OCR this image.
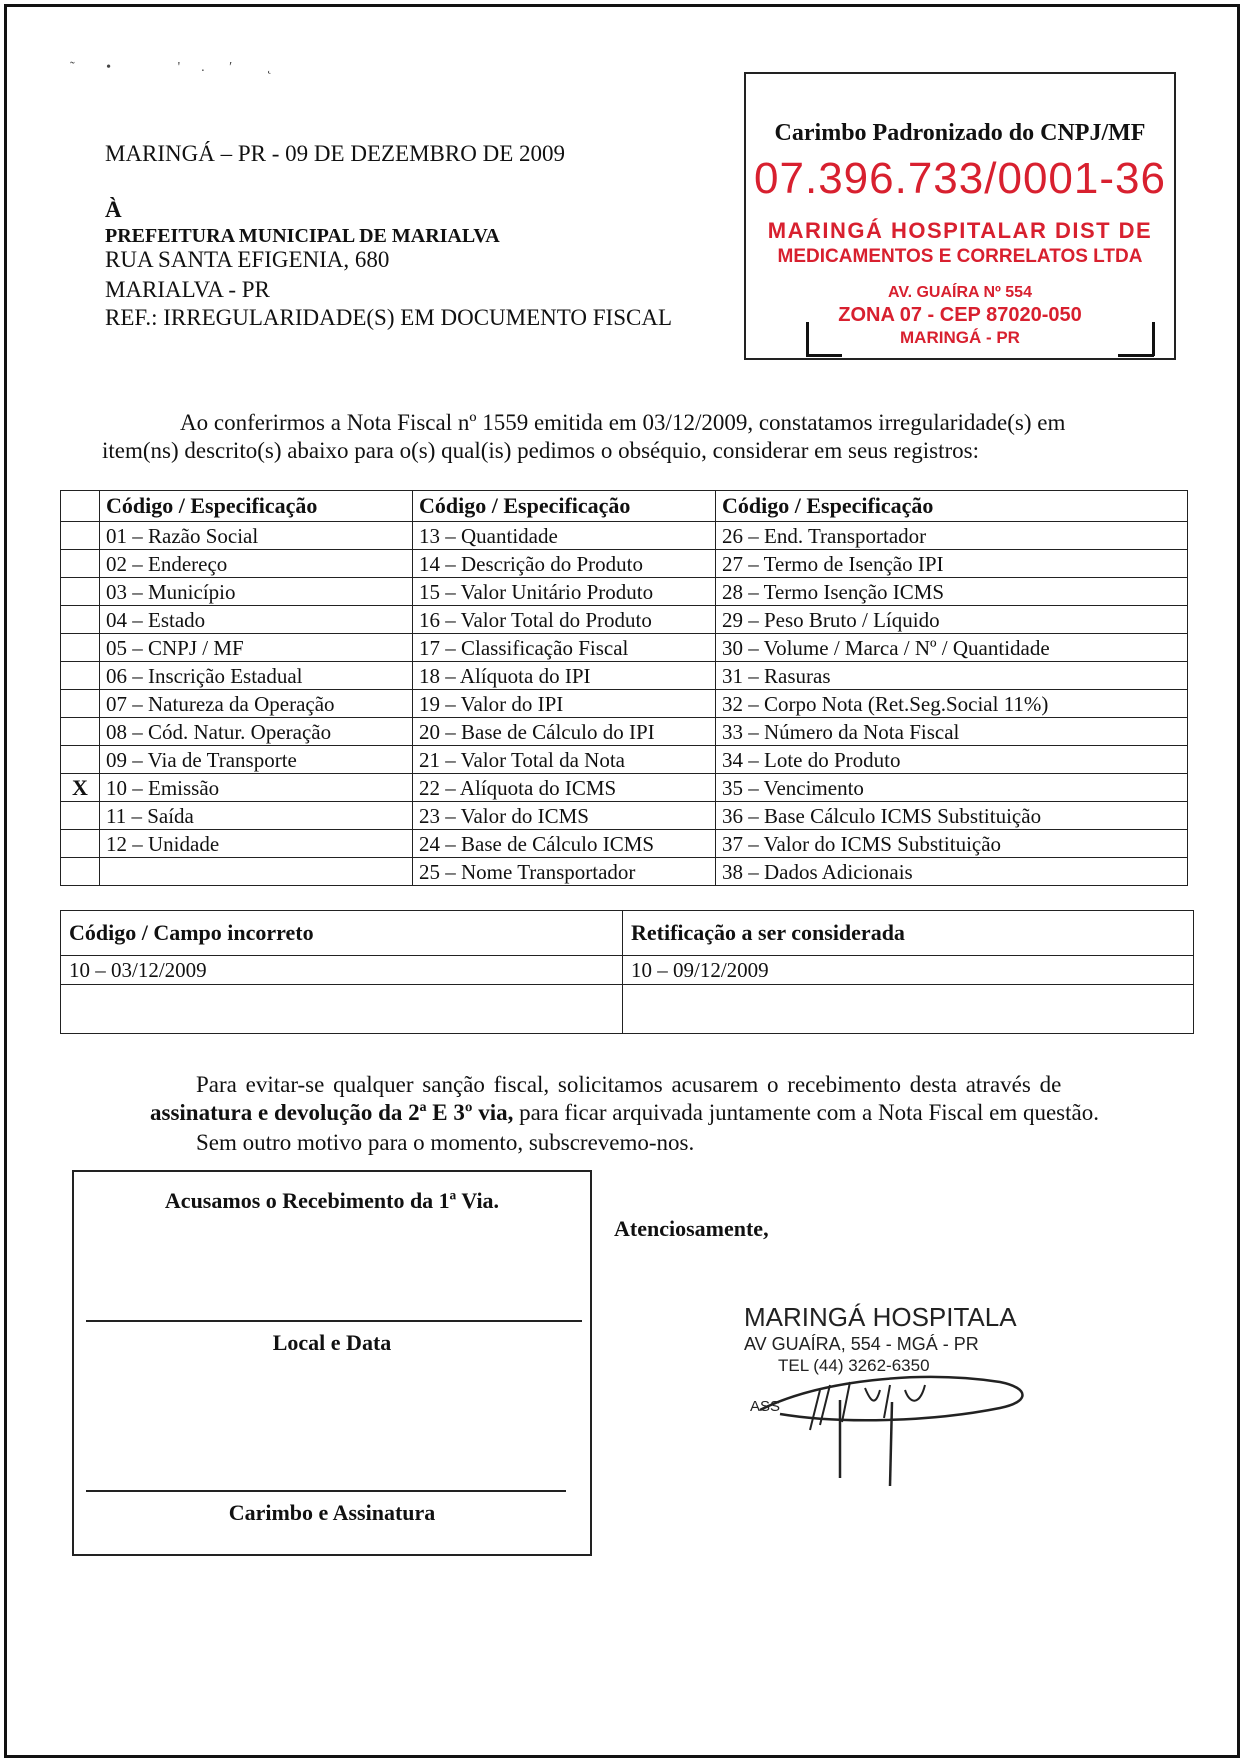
˜         •                   '      .       ′          ˛
MARINGÁ – PR - 09 DE DEZEMBRO DE 2009
À
PREFEITURA MUNICIPAL DE MARIALVA
RUA SANTA EFIGENIA, 680
MARIALVA - PR
REF.: IRREGULARIDADE(S) EM DOCUMENTO FISCAL
Carimbo Padronizado do CNPJ/MF
07.396.733/0001-36
MARINGÁ HOSPITALAR DIST DE
MEDICAMENTOS E CORRELATOS LTDA
AV. GUAÍRA Nº 554
ZONA 07 - CEP 87020-050
MARINGÁ - PR
Ao conferirmos a Nota Fiscal nº 1559 emitida em 03/12/2009, constatamos irregularidade(s) em
item(ns) descrito(s) abaixo para o(s) qual(is) pedimos o obséquio, considerar em seus registros:
	Código / Especificação	Código / Especificação	Código / Especificação
	01 – Razão Social	13 – Quantidade	26 – End. Transportador
	02 – Endereço	14 – Descrição do Produto	27 – Termo de Isenção IPI
	03 – Município	15 – Valor Unitário Produto	28 – Termo Isenção ICMS
	04 – Estado	16 – Valor Total do Produto	29 – Peso Bruto / Líquido
	05 – CNPJ / MF	17 – Classificação Fiscal	30 – Volume / Marca / Nº / Quantidade
	06 – Inscrição Estadual	18 – Alíquota do IPI	31 – Rasuras
	07 – Natureza da Operação	19 – Valor do IPI	32 – Corpo Nota (Ret.Seg.Social 11%)
	08 – Cód. Natur. Operação	20 – Base de Cálculo do IPI	33 – Número da Nota Fiscal
	09 – Via de Transporte	21 – Valor Total da Nota	34 – Lote do Produto
X	10 – Emissão	22 – Alíquota do ICMS	35 – Vencimento
	11 – Saída	23 – Valor do ICMS	36 – Base Cálculo ICMS Substituição
	12 – Unidade	24 – Base de Cálculo ICMS	37 – Valor do ICMS Substituição
		25 – Nome Transportador	38 – Dados Adicionais
Código / Campo incorreto	Retificação a ser considerada
10 – 03/12/2009	10 – 09/12/2009

Para evitar-se qualquer sanção fiscal, solicitamos acusarem o recebimento desta através de
assinatura e devolução da 2ª E 3º via, para ficar arquivada juntamente com a Nota Fiscal em questão.
Sem outro motivo para o momento, subscrevemo-nos.
Acusamos o Recebimento da 1ª Via.
Local e Data
Carimbo e Assinatura
Atenciosamente,
MARINGÁ HOSPITALA
AV GUAÍRA, 554 - MGÁ - PR
TEL (44) 3262-6350
ASS
